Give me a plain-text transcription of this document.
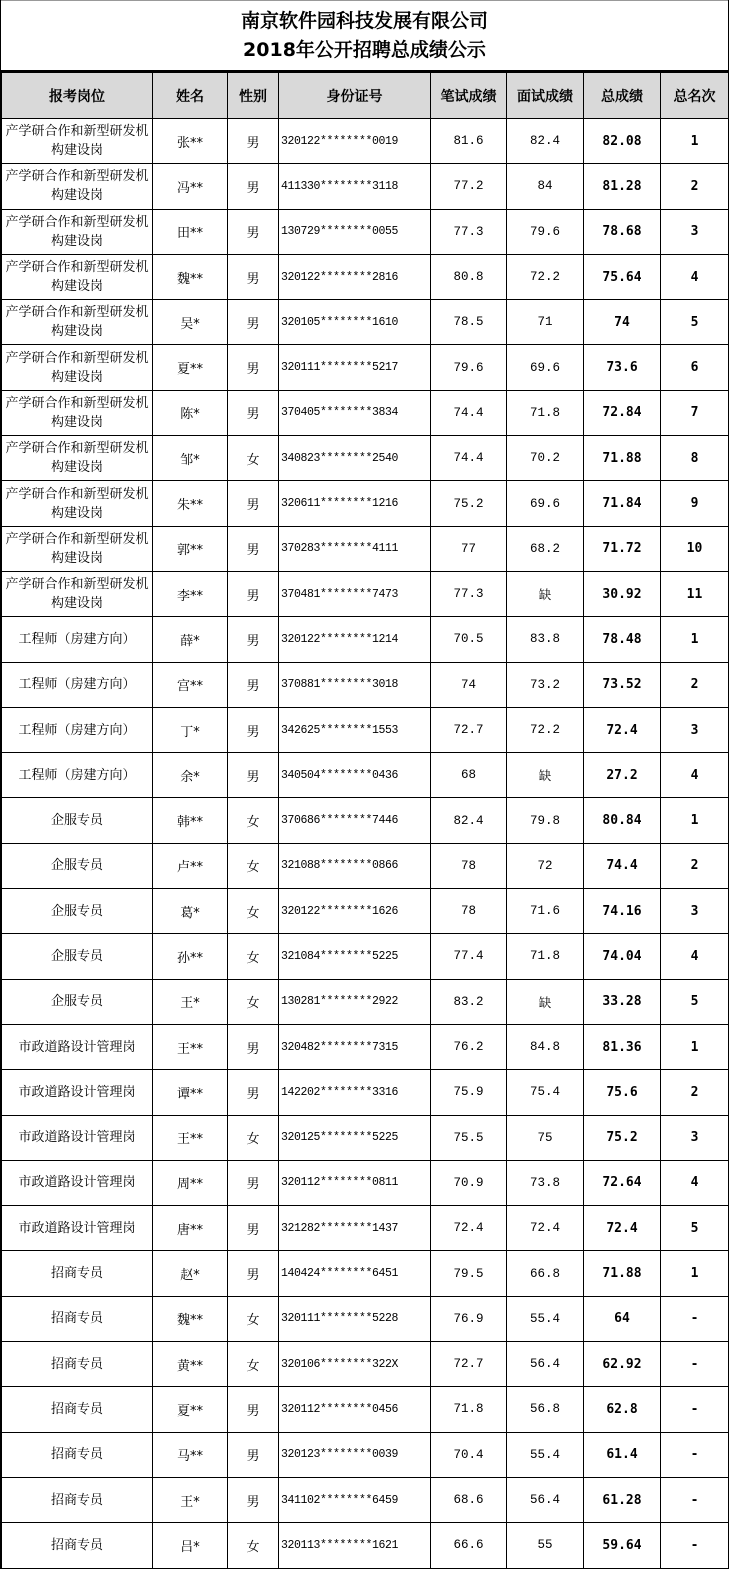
南京软件园科技发展有限公司
2018年公开招聘总成绩公示
报考岗位	姓名	性别	身份证号	笔试成绩	面试成绩	总成绩	总名次
产学研合作和新型研发机构建设岗	张**	男	320122********0019	81.6	82.4	82.08	1
产学研合作和新型研发机构建设岗	冯**	男	411330********3118	77.2	84	81.28	2
产学研合作和新型研发机构建设岗	田**	男	130729********0055	77.3	79.6	78.68	3
产学研合作和新型研发机构建设岗	魏**	男	320122********2816	80.8	72.2	75.64	4
产学研合作和新型研发机构建设岗	吴*	男	320105********1610	78.5	71	74	5
产学研合作和新型研发机构建设岗	夏**	男	320111********5217	79.6	69.6	73.6	6
产学研合作和新型研发机构建设岗	陈*	男	370405********3834	74.4	71.8	72.84	7
产学研合作和新型研发机构建设岗	邹*	女	340823********2540	74.4	70.2	71.88	8
产学研合作和新型研发机构建设岗	朱**	男	320611********1216	75.2	69.6	71.84	9
产学研合作和新型研发机构建设岗	郭**	男	370283********4111	77	68.2	71.72	10
产学研合作和新型研发机构建设岗	李**	男	370481********7473	77.3	缺	30.92	11
工程师（房建方向）	薛*	男	320122********1214	70.5	83.8	78.48	1
工程师（房建方向）	宫**	男	370881********3018	74	73.2	73.52	2
工程师（房建方向）	丁*	男	342625********1553	72.7	72.2	72.4	3
工程师（房建方向）	余*	男	340504********0436	68	缺	27.2	4
企服专员	韩**	女	370686********7446	82.4	79.8	80.84	1
企服专员	卢**	女	321088********0866	78	72	74.4	2
企服专员	葛*	女	320122********1626	78	71.6	74.16	3
企服专员	孙**	女	321084********5225	77.4	71.8	74.04	4
企服专员	王*	女	130281********2922	83.2	缺	33.28	5
市政道路设计管理岗	王**	男	320482********7315	76.2	84.8	81.36	1
市政道路设计管理岗	谭**	男	142202********3316	75.9	75.4	75.6	2
市政道路设计管理岗	王**	女	320125********5225	75.5	75	75.2	3
市政道路设计管理岗	周**	男	320112********0811	70.9	73.8	72.64	4
市政道路设计管理岗	唐**	男	321282********1437	72.4	72.4	72.4	5
招商专员	赵*	男	140424********6451	79.5	66.8	71.88	1
招商专员	魏**	女	320111********5228	76.9	55.4	64	-
招商专员	黄**	女	320106********322X	72.7	56.4	62.92	-
招商专员	夏**	男	320112********0456	71.8	56.8	62.8	-
招商专员	马**	男	320123********0039	70.4	55.4	61.4	-
招商专员	王*	男	341102********6459	68.6	56.4	61.28	-
招商专员	吕*	女	320113********1621	66.6	55	59.64	-
